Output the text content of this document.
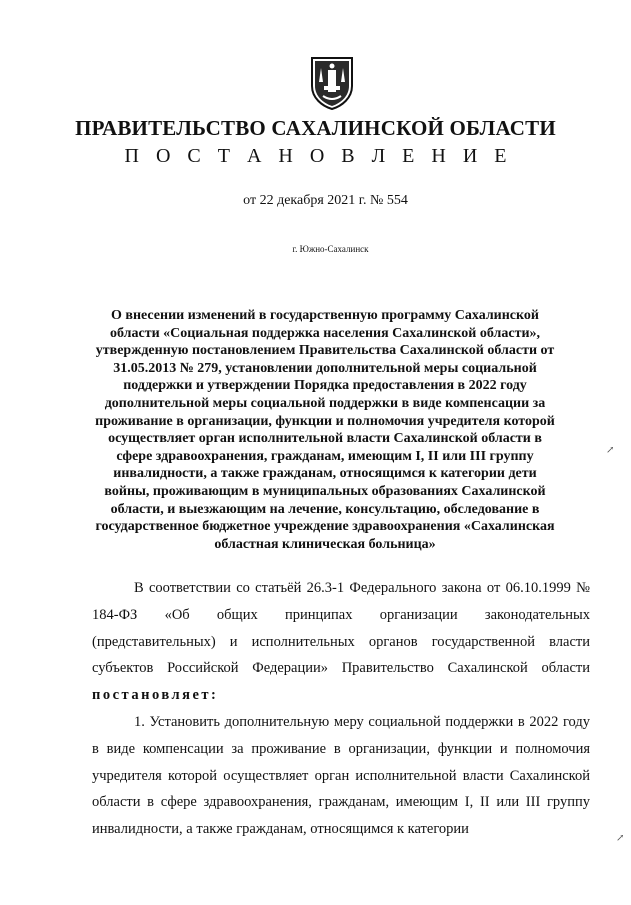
ПРАВИТЕЛЬСТВО САХАЛИНСКОЙ ОБЛАСТИ
П О С Т А Н О В Л Е Н И Е
от 22 декабря 2021 г. № 554
г. Южно-Сахалинск
О внесении изменений в государственную программу Сахалинской области «Социальная поддержка населения Сахалинской области», утвержденную постановлением Правительства Сахалинской области от 31.05.2013 № 279, установлении дополнительной меры социальной поддержки и утверждении Порядка предоставления в 2022 году дополнительной меры социальной поддержки в виде компенсации за проживание в организации, функции и полномочия учредителя которой осуществляет орган исполнительной власти Сахалинской области в сфере здравоохранения, гражданам, имеющим I, II или III группу инвалидности, а также гражданам, относящимся к категории дети войны, проживающим в муниципальных образованиях Сахалинской области, и выезжающим на лечение, консультацию, обследование в государственное бюджетное учреждение здравоохранения «Сахалинская областная клиническая больница»

В соответствии со статьёй 26.3-1 Федерального закона от 06.10.1999 № 184-ФЗ «Об общих принципах организации законодательных (представительных) и исполнительных органов государственной власти субъектов Российской Федерации» Правительство Сахалинской области постановляет:

1. Установить дополнительную меру социальной поддержки в 2022 году в виде компенсации за проживание в организации, функции и полномочия учредителя которой осуществляет орган исполнительной власти Сахалинской области в сфере здравоохранения, гражданам, имеющим I, II или III группу инвалидности, а также гражданам, относящимся к категории

↗
↗
